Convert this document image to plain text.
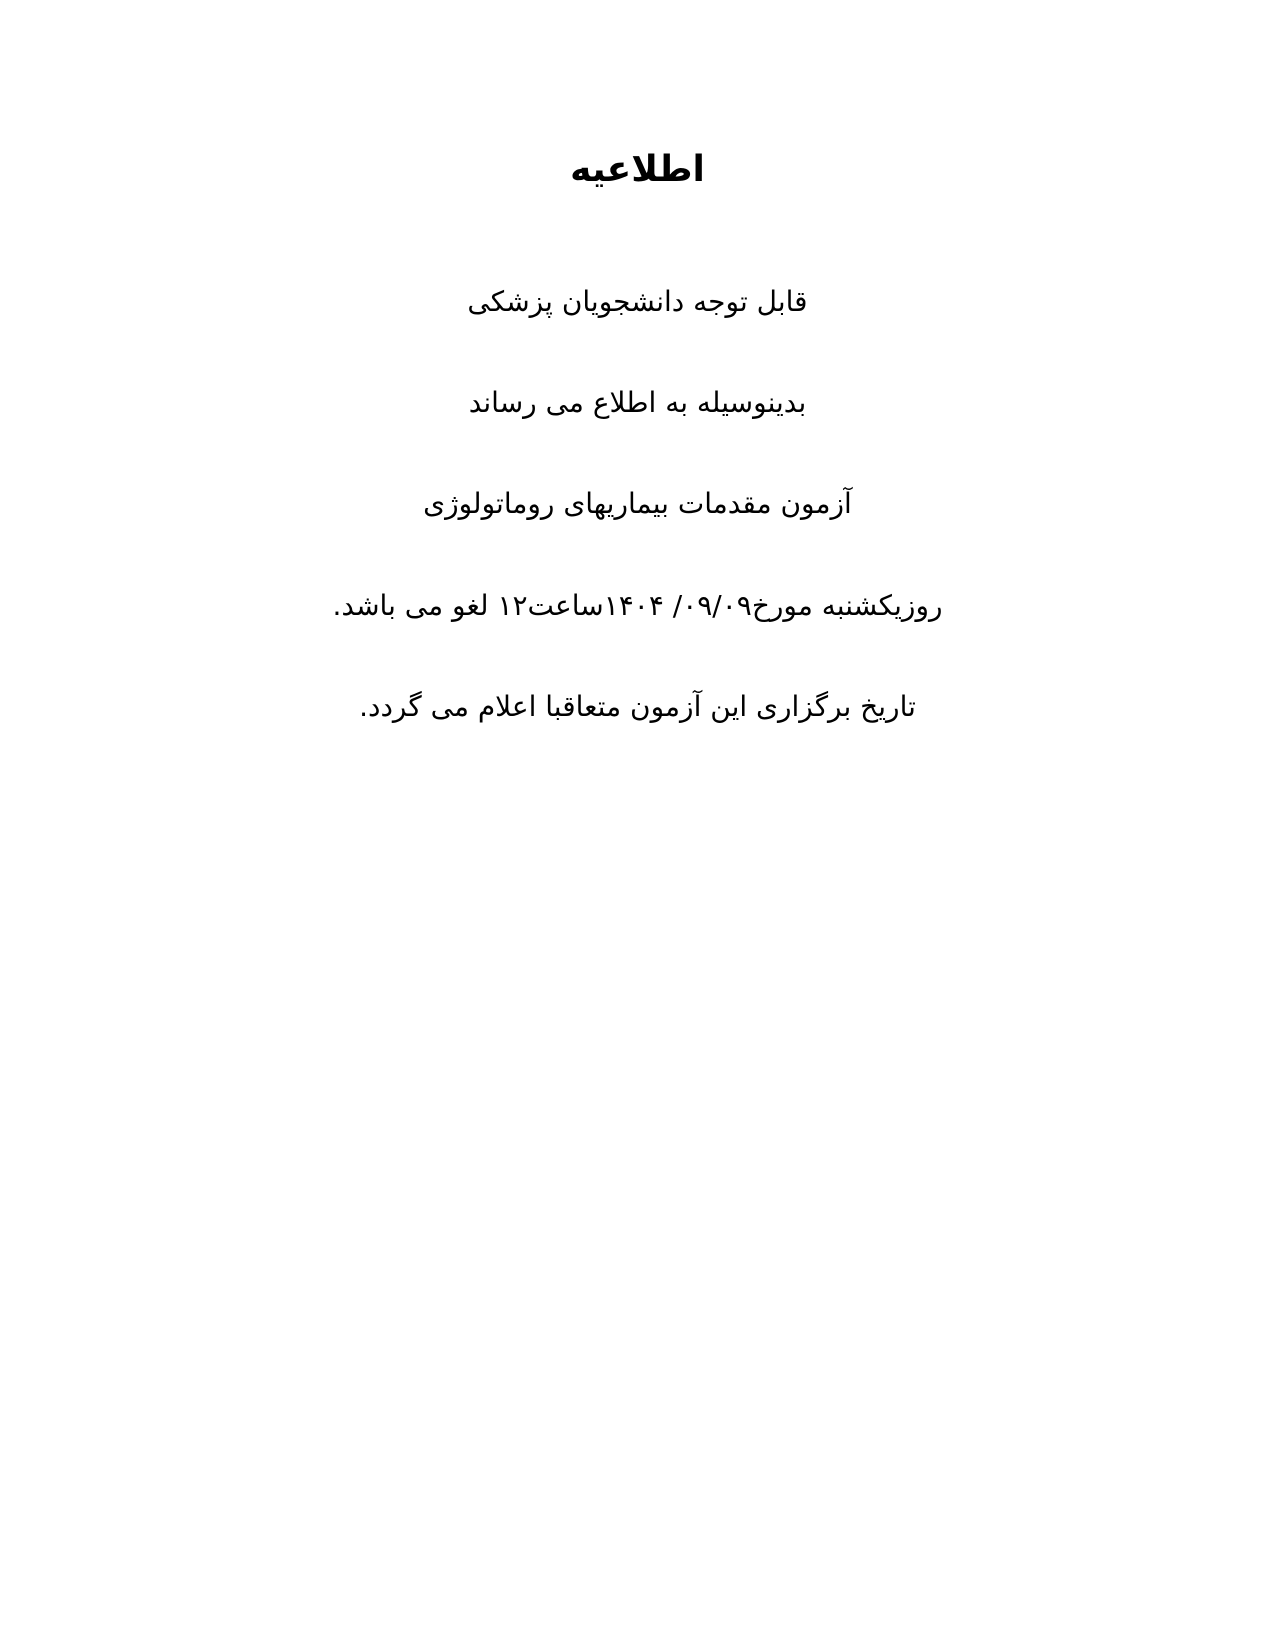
اطلاعیه
قابل توجه دانشجویان پزشکی
بدینوسیله به اطلاع می رساند
آزمون مقدمات بیماریهای روماتولوژی
روزیکشنبه مورخ۰۹/۰۹/ ۱۴۰۴ساعت۱۲ لغو می باشد.
تاریخ برگزاری این آزمون متعاقبا اعلام می گردد.
